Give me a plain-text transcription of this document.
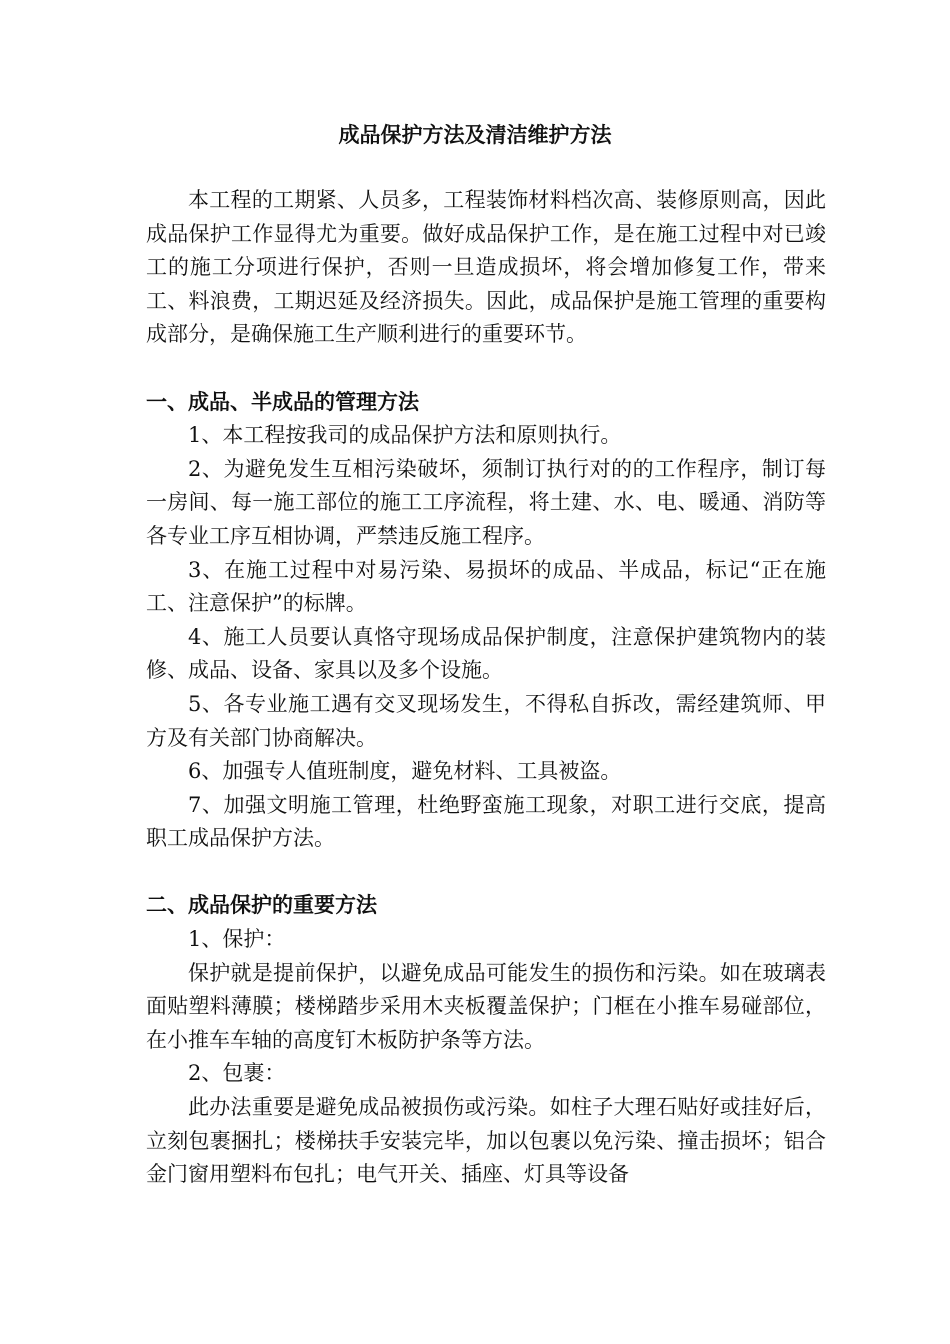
成品保护方法及清洁维护方法

本工程的工期紧、人员多，工程装饰材料档次高、装修原则高，因此成品保护工作显得尤为重要。做好成品保护工作，是在施工过程中对已竣工的施工分项进行保护，否则一旦造成损坏，将会增加修复工作，带来工、料浪费，工期迟延及经济损失。因此，成品保护是施工管理的重要构成部分，是确保施工生产顺利进行的重要环节。

一、成品、半成品的管理方法

1、本工程按我司的成品保护方法和原则执行。

2、为避免发生互相污染破坏，须制订执行对的的工作程序，制订每一房间、每一施工部位的施工工序流程，将土建、水、电、暖通、消防等各专业工序互相协调，严禁违反施工程序。

3、在施工过程中对易污染、易损坏的成品、半成品，标记“正在施工、注意保护”的标牌。

4、施工人员要认真恪守现场成品保护制度，注意保护建筑物内的装修、成品、设备、家具以及多个设施。

5、各专业施工遇有交叉现场发生，不得私自拆改，需经建筑师、甲方及有关部门协商解决。

6、加强专人值班制度，避免材料、工具被盗。

7、加强文明施工管理，杜绝野蛮施工现象，对职工进行交底，提高职工成品保护方法。

二、成品保护的重要方法

1、保护：

保护就是提前保护，以避免成品可能发生的损伤和污染。如在玻璃表面贴塑料薄膜；楼梯踏步采用木夹板覆盖保护；门框在小推车易碰部位，在小推车车轴的高度钉木板防护条等方法。

2、包裹：

此办法重要是避免成品被损伤或污染。如柱子大理石贴好或挂好后，立刻包裹捆扎；楼梯扶手安装完毕，加以包裹以免污染、撞击损坏；铝合金门窗用塑料布包扎；电气开关、插座、灯具等设备
